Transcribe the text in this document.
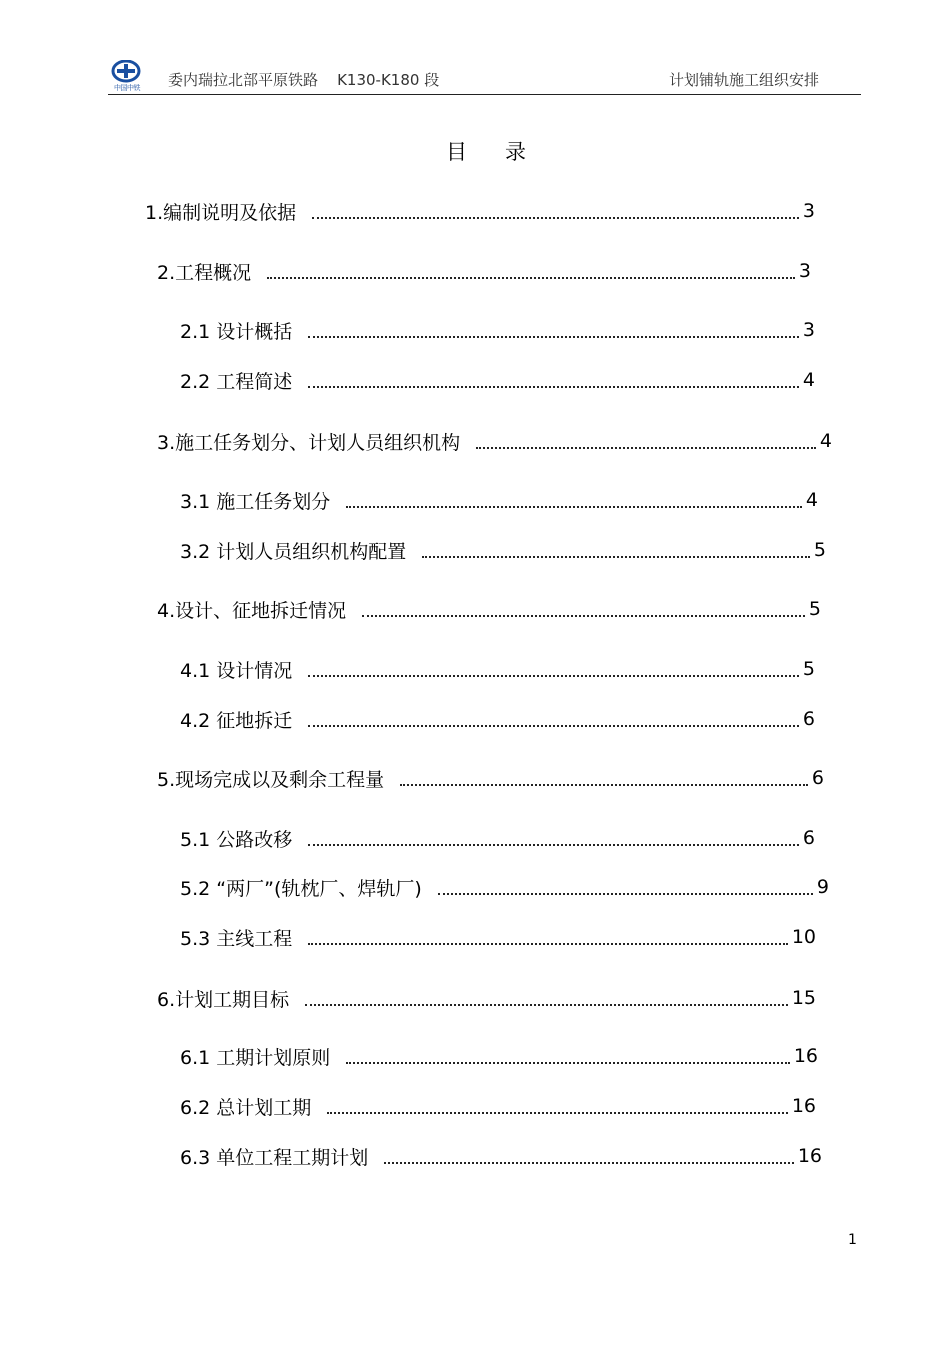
中国中铁	委内瑞拉北部平原铁路    K130-K180 段	计划铺轨施工组织安排
目录
1.编制说明及依据	3
2.工程概况	3
2.1 设计概括	3
2.2 工程简述	4
3.施工任务划分、计划人员组织机构	4
3.1 施工任务划分	4
3.2 计划人员组织机构配置	5
4.设计、征地拆迁情况	5
4.1 设计情况	5
4.2 征地拆迁	6
5.现场完成以及剩余工程量	6
5.1 公路改移	6
5.2 “两厂”(轨枕厂、焊轨厂)	9
5.3 主线工程	10
6.计划工期目标	15
6.1 工期计划原则	16
6.2 总计划工期	16
6.3 单位工程工期计划	16
1
